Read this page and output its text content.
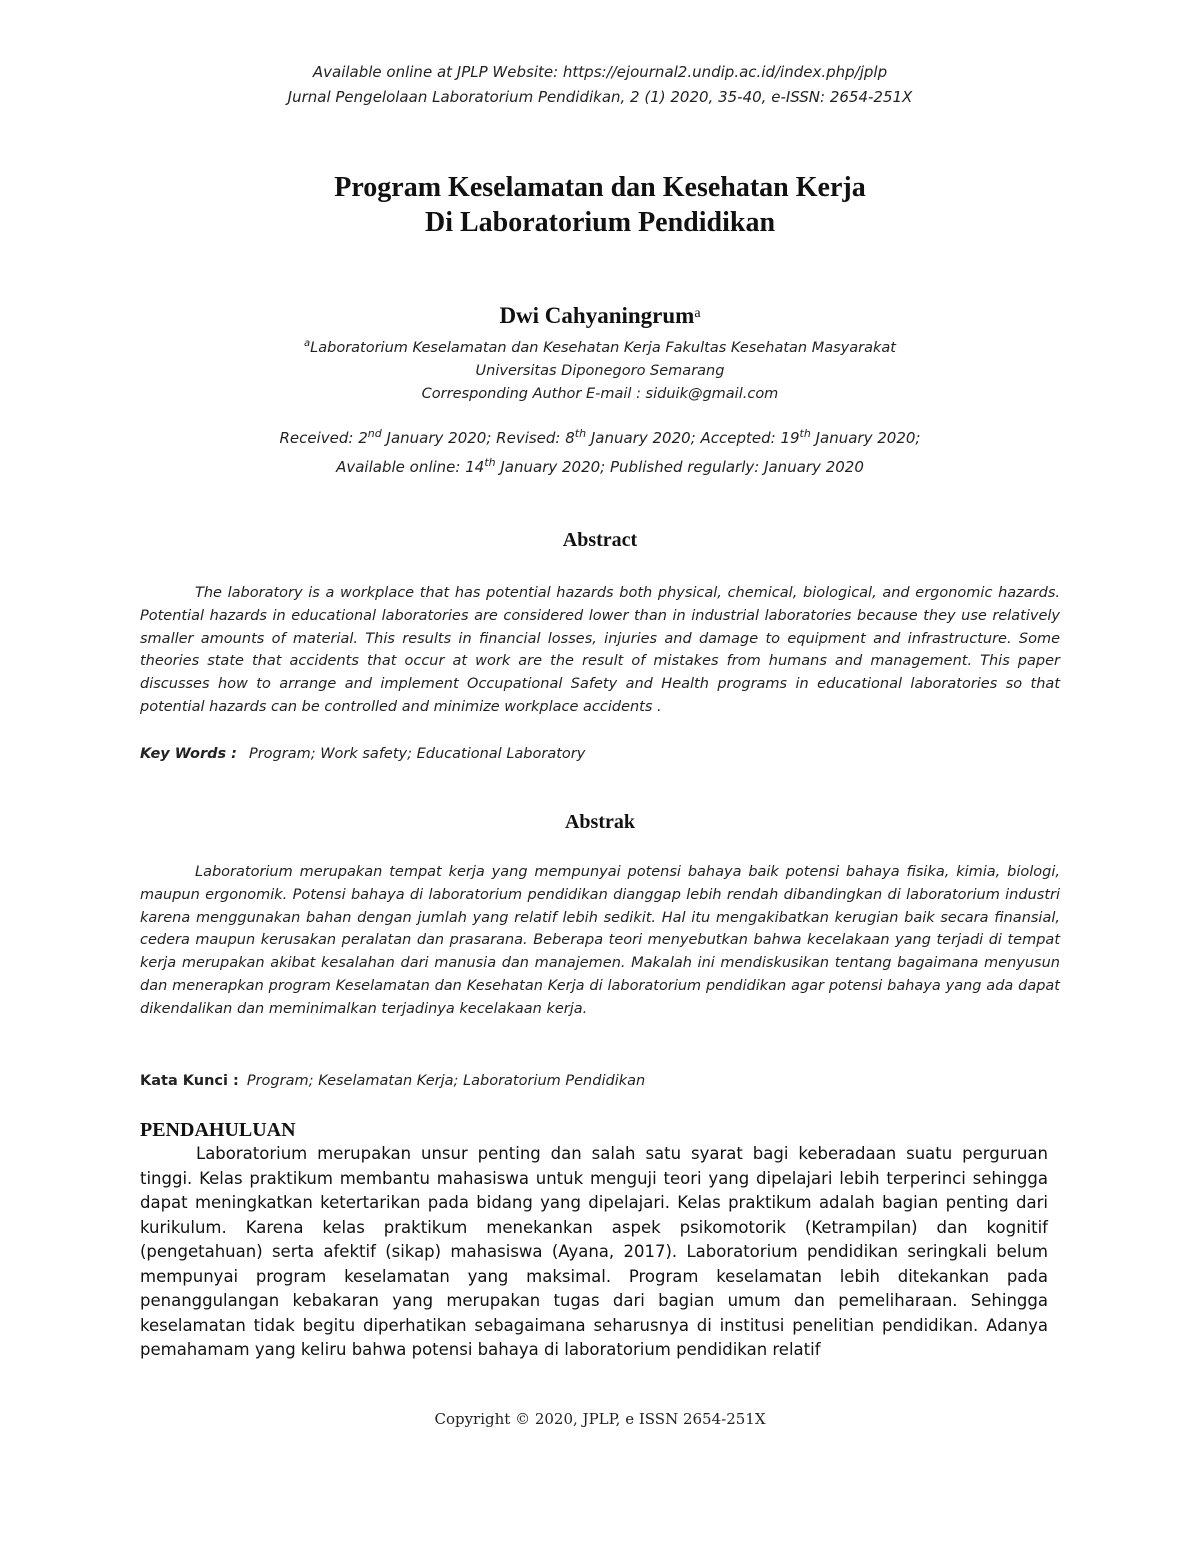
Available online at JPLP Website: https://ejournal2.undip.ac.id/index.php/jplp
Jurnal Pengelolaan Laboratorium Pendidikan, 2 (1) 2020, 35-40, e-ISSN: 2654-251X
Program Keselamatan dan Kesehatan Kerja
Di Laboratorium Pendidikan
Dwi Cahyaningrum$^a$
$^a$Laboratorium Keselamatan dan Kesehatan Kerja Fakultas Kesehatan Masyarakat
Universitas Diponegoro Semarang
Corresponding Author E-mail : siduik@gmail.com
Received: 2nd January 2020; Revised: 8th January 2020; Accepted: 19th January 2020;
Available online: 14th January 2020; Published regularly: January 2020
Abstract

The laboratory is a workplace that has potential hazards both physical, chemical, biological, and ergonomic hazards. Potential hazards in educational laboratories are considered lower than in industrial laboratories because they use relatively smaller amounts of material. This results in financial losses, injuries and damage to equipment and infrastructure. Some theories state that accidents that occur at work are the result of mistakes from humans and management. This paper discusses how to arrange and implement Occupational Safety and Health programs in educational laboratories so that potential hazards can be controlled and minimize workplace accidents .

Key Words : Program; Work safety; Educational Laboratory
Abstrak

Laboratorium merupakan tempat kerja yang mempunyai potensi bahaya baik potensi bahaya fisika, kimia, biologi, maupun ergonomik. Potensi bahaya di laboratorium pendidikan dianggap lebih rendah dibandingkan di laboratorium industri karena menggunakan bahan dengan jumlah yang relatif lebih sedikit. Hal itu mengakibatkan kerugian baik secara finansial, cedera maupun kerusakan peralatan dan prasarana. Beberapa teori menyebutkan bahwa kecelakaan yang terjadi di tempat kerja merupakan akibat kesalahan dari manusia dan manajemen. Makalah ini mendiskusikan tentang bagaimana menyusun dan menerapkan program Keselamatan dan Kesehatan Kerja di laboratorium pendidikan agar potensi bahaya yang ada dapat dikendalikan dan meminimalkan terjadinya kecelakaan kerja.

Kata Kunci : Program; Keselamatan Kerja; Laboratorium Pendidikan
PENDAHULUAN

Laboratorium merupakan unsur penting dan salah satu syarat bagi keberadaan suatu perguruan tinggi. Kelas praktikum membantu mahasiswa untuk menguji teori yang dipelajari lebih terperinci sehingga dapat meningkatkan ketertarikan pada bidang yang dipelajari. Kelas praktikum adalah bagian penting dari kurikulum. Karena kelas praktikum menekankan aspek psikomotorik (Ketrampilan) dan kognitif (pengetahuan) serta afektif (sikap) mahasiswa (Ayana, 2017). Laboratorium pendidikan seringkali belum mempunyai program keselamatan yang maksimal. Program keselamatan lebih ditekankan pada penanggulangan kebakaran yang merupakan tugas dari bagian umum dan pemeliharaan. Sehingga keselamatan tidak begitu diperhatikan sebagaimana seharusnya di institusi penelitian pendidikan. Adanya pemahamam yang keliru bahwa potensi bahaya di laboratorium pendidikan relatif

Copyright © 2020, JPLP, e ISSN 2654-251X
